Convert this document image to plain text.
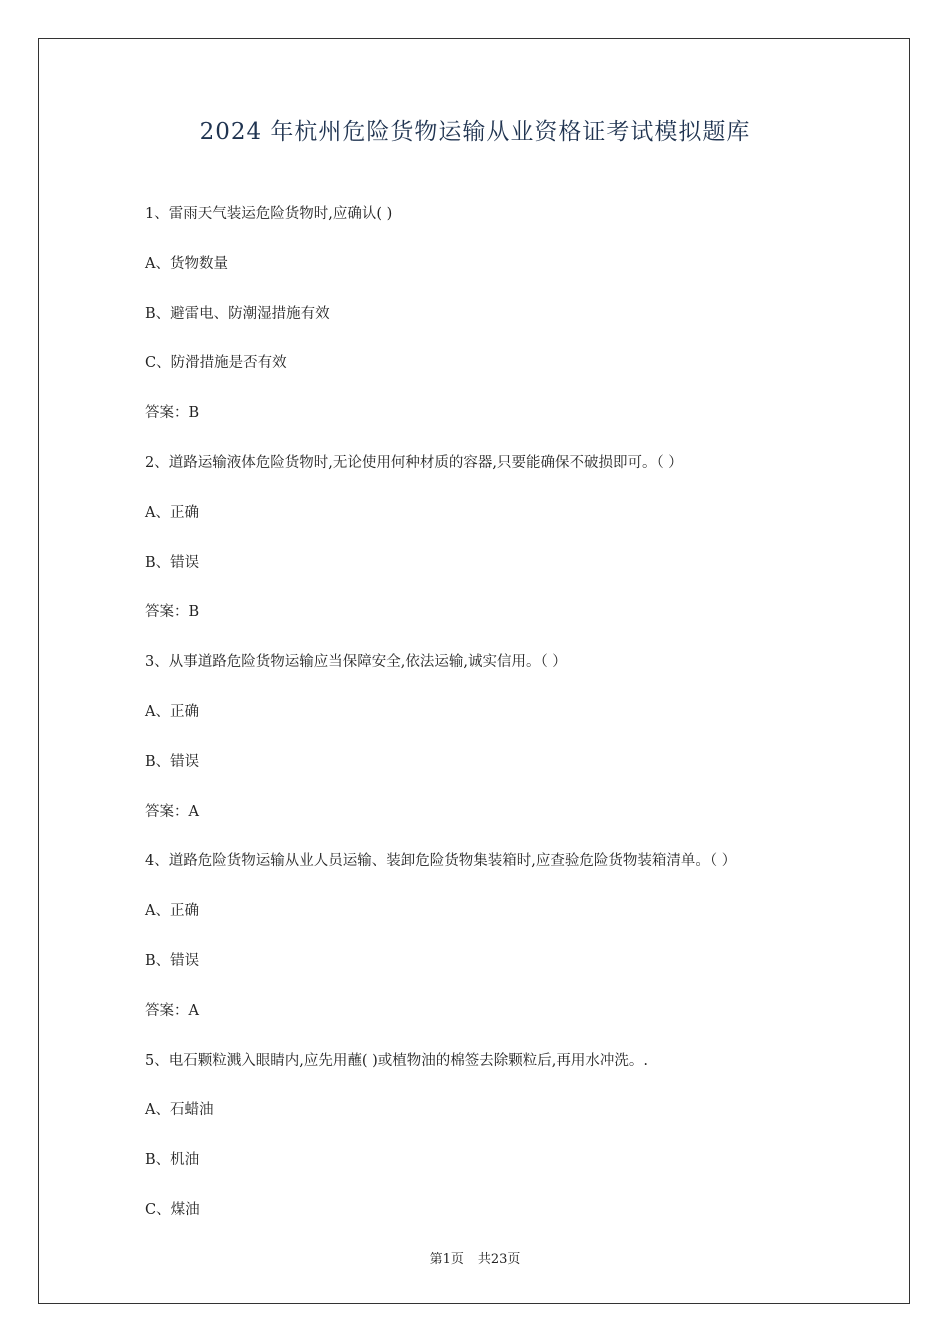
2024 年杭州危险货物运输从业资格证考试模拟题库
1、雷雨天气装运危险货物时,应确认( )
A、货物数量
B、避雷电、防潮湿措施有效
C、防滑措施是否有效
答案：B
2、道路运输液体危险货物时,无论使用何种材质的容器,只要能确保不破损即可。（ ）
A、正确
B、错误
答案：B
3、从事道路危险货物运输应当保障安全,依法运输,诚实信用。（ ）
A、正确
B、错误
答案：A
4、道路危险货物运输从业人员运输、装卸危险货物集装箱时,应查验危险货物装箱清单。（ ）
A、正确
B、错误
答案：A
5、电石颗粒溅入眼睛内,应先用蘸( )或植物油的棉签去除颗粒后,再用水冲洗。.
A、石蜡油
B、机油
C、煤油
第1页 共23页
